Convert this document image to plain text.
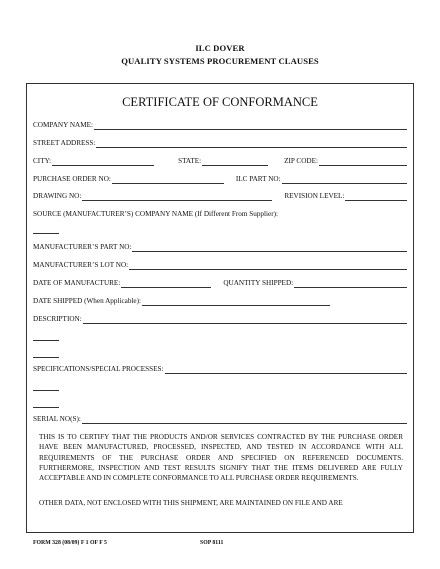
ILC DOVER
QUALITY SYSTEMS PROCUREMENT CLAUSES
CERTIFICATE OF CONFORMANCE
COMPANY NAME:
STREET ADDRESS:
CITY:	STATE:	ZIP CODE:
PURCHASE ORDER NO:	ILC PART NO:
DRAWING NO:	REVISION LEVEL:
SOURCE (MANUFACTURER’S) COMPANY NAME (If Different From Supplier):
MANUFACTURER’S PART NO:
MANUFACTURER’S LOT NO:
DATE OF MANUFACTURE:	QUANTITY SHIPPED:
DATE SHIPPED (When Applicable):
DESCRIPTION:
SPECIFICATIONS/SPECIAL PROCESSES:
SERIAL NO(S):
THIS IS TO CERTIFY THAT THE PRODUCTS AND/OR SERVICES CONTRACTED BY THE PURCHASE ORDER HAVE BEEN MANUFACTURED, PROCESSED, INSPECTED, AND TESTED IN ACCORDANCE WITH ALL REQUIREMENTS OF THE PURCHASE ORDER AND SPECIFIED ON REFERENCED DOCUMENTS. FURTHERMORE, INSPECTION AND TEST RESULTS SIGNIFY THAT THE ITEMS DELIVERED ARE FULLY ACCEPTABLE AND IN COMPLETE CONFORMANCE TO ALL PURCHASE ORDER REQUIREMENTS.
OTHER DATA, NOT ENCLOSED WITH THIS SHIPMENT, ARE MAINTAINED ON FILE AND ARE
FORM 328 (08/09) F 1 OF F 5	SOP 8111
